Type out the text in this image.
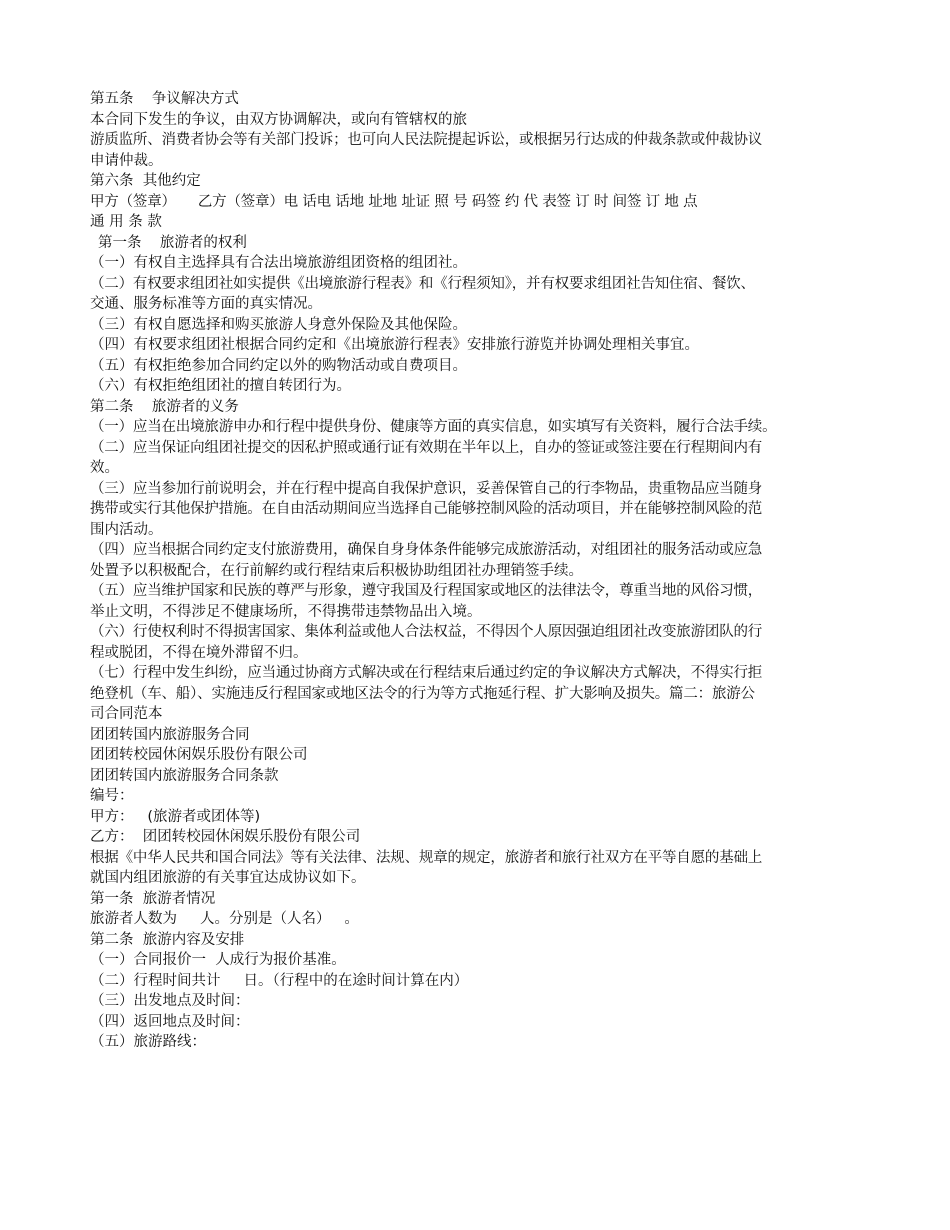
第五条    争议解决方式

本合同下发生的争议，由双方协调解决，或向有管辖权的旅

游质监所、消费者协会等有关部门投诉；也可向人民法院提起诉讼，或根据另行达成的仲裁条款或仲裁协议

申请仲裁。

第六条  其他约定

甲方（签章）     乙方（签章）电 话电 话地 址地 址证 照 号 码签 约 代 表签 订 时 间签 订 地 点

通 用 条 款

第一条    旅游者的权利

（一）有权自主选择具有合法出境旅游组团资格的组团社。

（二）有权要求组团社如实提供《出境旅游行程表》和《行程须知》，并有权要求组团社告知住宿、餐饮、

交通、服务标准等方面的真实情况。

（三）有权自愿选择和购买旅游人身意外保险及其他保险。

（四）有权要求组团社根据合同约定和《出境旅游行程表》安排旅行游览并协调处理相关事宜。

（五）有权拒绝参加合同约定以外的购物活动或自费项目。

（六）有权拒绝组团社的擅自转团行为。

第二条    旅游者的义务

（一）应当在出境旅游申办和行程中提供身份、健康等方面的真实信息，如实填写有关资料，履行合法手续。

（二）应当保证向组团社提交的因私护照或通行证有效期在半年以上，自办的签证或签注要在行程期间内有

效。

（三）应当参加行前说明会，并在行程中提高自我保护意识，妥善保管自己的行李物品，贵重物品应当随身

携带或实行其他保护措施。在自由活动期间应当选择自己能够控制风险的活动项目，并在能够控制风险的范

围内活动。

（四）应当根据合同约定支付旅游费用，确保自身身体条件能够完成旅游活动，对组团社的服务活动或应急

处置予以积极配合，在行前解约或行程结束后积极协助组团社办理销签手续。

（五）应当维护国家和民族的尊严与形象，遵守我国及行程国家或地区的法律法令，尊重当地的风俗习惯，

举止文明，不得涉足不健康场所，不得携带违禁物品出入境。

（六）行使权利时不得损害国家、集体利益或他人合法权益，不得因个人原因强迫组团社改变旅游团队的行

程或脱团，不得在境外滞留不归。

（七）行程中发生纠纷，应当通过协商方式解决或在行程结束后通过约定的争议解决方式解决，不得实行拒

绝登机（车、船）、实施违反行程国家或地区法令的行为等方式拖延行程、扩大影响及损失。篇二：旅游公

司合同范本

团团转国内旅游服务合同

团团转校园休闲娱乐股份有限公司

团团转国内旅游服务合同条款

编号：

甲方：   (旅游者或团体等)

乙方：  团团转校园休闲娱乐股份有限公司

根据《中华人民共和国合同法》等有关法律、法规、规章的规定，旅游者和旅行社双方在平等自愿的基础上

就国内组团旅游的有关事宜达成协议如下。

第一条  旅游者情况

旅游者人数为     人。分别是（人名）   。

第二条  旅游内容及安排

（一）合同报价一  人成行为报价基准。

（二）行程时间共计     日。（行程中的在途时间计算在内）

（三）出发地点及时间：

（四）返回地点及时间：

（五）旅游路线：
